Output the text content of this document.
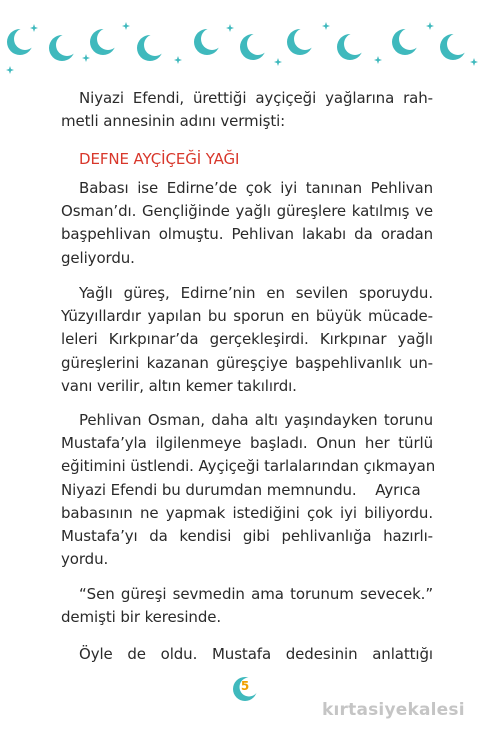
Niyazi Efendi, ürettiği ayçiçeği yağlarına rah-
metli annesinin adını vermişti:
DEFNE AYÇİÇEĞİ YAĞI
Babası ise Edirne’de çok iyi tanınan Pehlivan
Osman’dı. Gençliğinde yağlı güreşlere katılmış ve
başpehlivan olmuştu. Pehlivan lakabı da oradan
geliyordu.
Yağlı güreş, Edirne’nin en sevilen sporuydu.
Yüzyıllardır yapılan bu sporun en büyük mücade-
leleri Kırkpınar’da gerçekleşirdi. Kırkpınar yağlı
güreşlerini kazanan güreşçiye başpehlivanlık un-
vanı verilir, altın kemer takılırdı.
Pehlivan Osman, daha altı yaşındayken torunu
Mustafa’yla ilgilenmeye başladı. Onun her türlü
eğitimini üstlendi. Ayçiçeği tarlalarından çıkmayan
Niyazi Efendi bu durumdan memnundu.    Ayrıca
babasının ne yapmak istediğini çok iyi biliyordu.
Mustafa’yı da kendisi gibi pehlivanlığa hazırlı-
yordu.
“Sen güreşi sevmedin ama torunum sevecek.”
demişti bir keresinde.
Öyle de oldu. Mustafa dedesinin anlattığı
5
kırtasiyekalesi
